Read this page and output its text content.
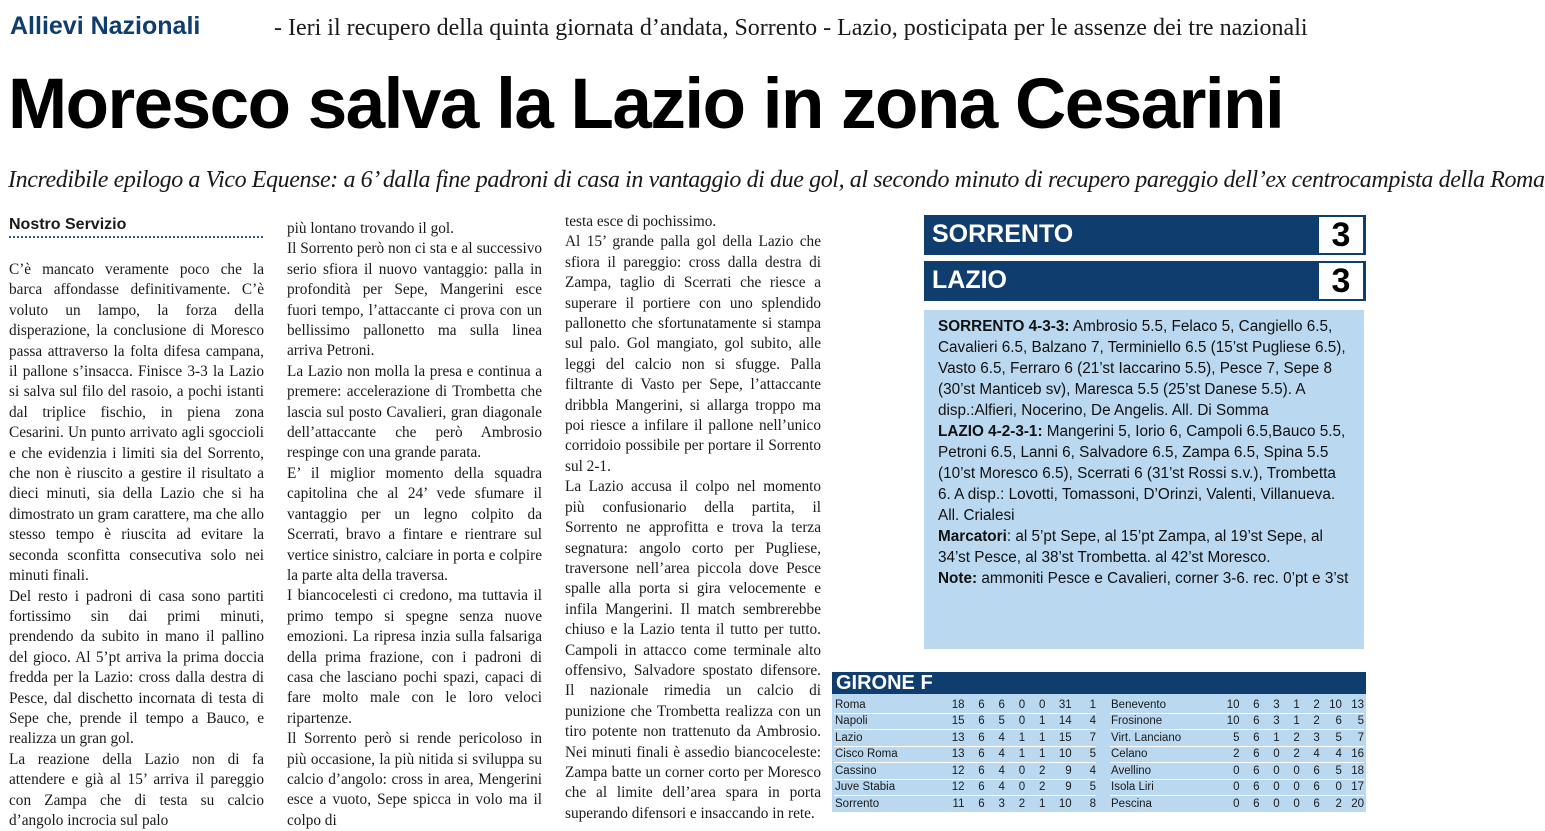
Allievi Nazionali	- Ieri il recupero della quinta giornata d’andata, Sorrento - Lazio, posticipata per le assenze dei tre nazionali
Moresco salva la Lazio in zona Cesarini
Incredibile epilogo a Vico Equense: a 6’ dalla fine padroni di casa in vantaggio di due gol, al secondo minuto di recupero pareggio dell’ex centrocampista della Roma
Nostro Servizio

C’è mancato veramente poco che la barca affondasse definitivamente. C’è voluto un lampo, la forza della disperazione, la conclusione di Moresco passa attraverso la folta difesa campana, il pallone s’insacca. Finisce 3-3 la Lazio si salva sul filo del rasoio, a pochi istanti dal triplice fischio, in piena zona Cesarini. Un punto arrivato agli sgoccioli e che evidenzia i limiti sia del Sorrento, che non è riuscito a gestire il risultato a dieci minuti, sia della Lazio che si ha dimostrato un gram carattere, ma che allo stesso tempo è riuscita ad evitare la seconda sconfitta consecutiva solo nei minuti finali.

Del resto i padroni di casa sono partiti fortissimo sin dai primi minuti, prendendo da subito in mano il pallino del gioco. Al 5’pt arriva la prima doccia fredda per la Lazio: cross dalla destra di Pesce, dal dischetto incornata di testa di Sepe che, prende il tempo a Bauco, e realizza un gran gol.

La reazione della Lazio non di fa attendere e già al 15’ arriva il pareggio con Zampa che di testa su calcio d’angolo incrocia sul palo

più lontano trovando il gol.

Il Sorrento però non ci sta e al successivo serio sfiora il nuovo vantaggio: palla in profondità per Sepe, Mangerini esce fuori tempo, l’attaccante ci prova con un bellissimo pallonetto ma sulla linea arriva Petroni.

La Lazio non molla la presa e continua a premere: accelerazione di Trombetta che lascia sul posto Cavalieri, gran diagonale dell’attaccante che però Ambrosio respinge con una grande parata.

E’ il miglior momento della squadra capitolina che al 24’ vede sfumare il vantaggio per un legno colpito da Scerrati, bravo a fintare e rientrare sul vertice sinistro, calciare in porta e colpire la parte alta della traversa.

I biancocelesti ci credono, ma tuttavia il primo tempo si spegne senza nuove emozioni. La ripresa inzia sulla falsariga della prima frazione, con i padroni di casa che lasciano pochi spazi, capaci di fare molto male con le loro veloci ripartenze.

Il Sorrento però si rende pericoloso in più occasione, la più nitida si sviluppa su calcio d’angolo: cross in area, Mengerini esce a vuoto, Sepe spicca in volo ma il colpo di

testa esce di pochissimo.

Al 15’ grande palla gol della Lazio che sfiora il pareggio: cross dalla destra di Zampa, taglio di Scerrati che riesce a superare il portiere con uno splendido pallonetto che sfortunatamente si stampa sul palo. Gol mangiato, gol subito, alle leggi del calcio non si sfugge. Palla filtrante di Vasto per Sepe, l’attaccante dribbla Mangerini, si allarga troppo ma poi riesce a infilare il pallone nell’unico corridoio possibile per portare il Sorrento sul 2-1.

La Lazio accusa il colpo nel momento più confusionario della partita, il Sorrento ne approfitta e trova la terza segnatura: angolo corto per Pugliese, traversone nell’area piccola dove Pesce spalle alla porta si gira velocemente e infila Mangerini. Il match sembrerebbe chiuso e la Lazio tenta il tutto per tutto. Campoli in attacco come terminale alto offensivo, Salvadore spostato difensore. Il nazionale rimedia un calcio di punizione che Trombetta realizza con un tiro potente non trattenuto da Ambrosio. Nei minuti finali è assedio biancoceleste: Zampa batte un corner corto per Moresco che al limite dell’area spara in porta superando difensori e insaccando in rete.

SORRENTO	3
LAZIO	3

SORRENTO 4-3-3: Ambrosio 5.5, Felaco 5, Cangiello 6.5, Cavalieri 6.5, Balzano 7, Terminiello 6.5 (15’st Pugliese 6.5), Vasto 6.5, Ferraro 6 (21’st Iaccarino 5.5), Pesce 7, Sepe 8 (30’st Manticeb sv), Maresca 5.5 (25’st Danese 5.5). A disp.:Alfieri, Nocerino, De Angelis. All. Di Somma

LAZIO 4-2-3-1: Mangerini 5, Iorio 6, Campoli 6.5,Bauco 5.5, Petroni 6.5, Lanni 6, Salvadore 6.5, Zampa 6.5, Spina 5.5 (10’st Moresco 6.5), Scerrati 6 (31’st Rossi s.v.), Trombetta 6. A disp.: Lovotti, Tomassoni, D’Orinzi, Valenti, Villanueva. All. Crialesi

Marcatori: al 5’pt Sepe, al 15’pt Zampa, al 19’st Sepe, al 34’st Pesce, al 38’st Trombetta. al 42’st Moresco.

Note: ammoniti Pesce e Cavalieri, corner 3-6. rec. 0’pt e 3’st

GIRONE F
Roma	18	6	6	0	0	31	1
Napoli	15	6	5	0	1	14	4
Lazio	13	6	4	1	1	15	7
Cisco Roma	13	6	4	1	1	10	5
Cassino	12	6	4	0	2	9	4
Juve Stabia	12	6	4	0	2	9	5
Sorrento	11	6	3	2	1	10	8
Benevento	10	6	3	1	2	10	13
Frosinone	10	6	3	1	2	6	5
Virt. Lanciano	5	6	1	2	3	5	7
Celano	2	6	0	2	4	4	16
Avellino	0	6	0	0	6	5	18
Isola Liri	0	6	0	0	6	0	17
Pescina	0	6	0	0	6	2	20
